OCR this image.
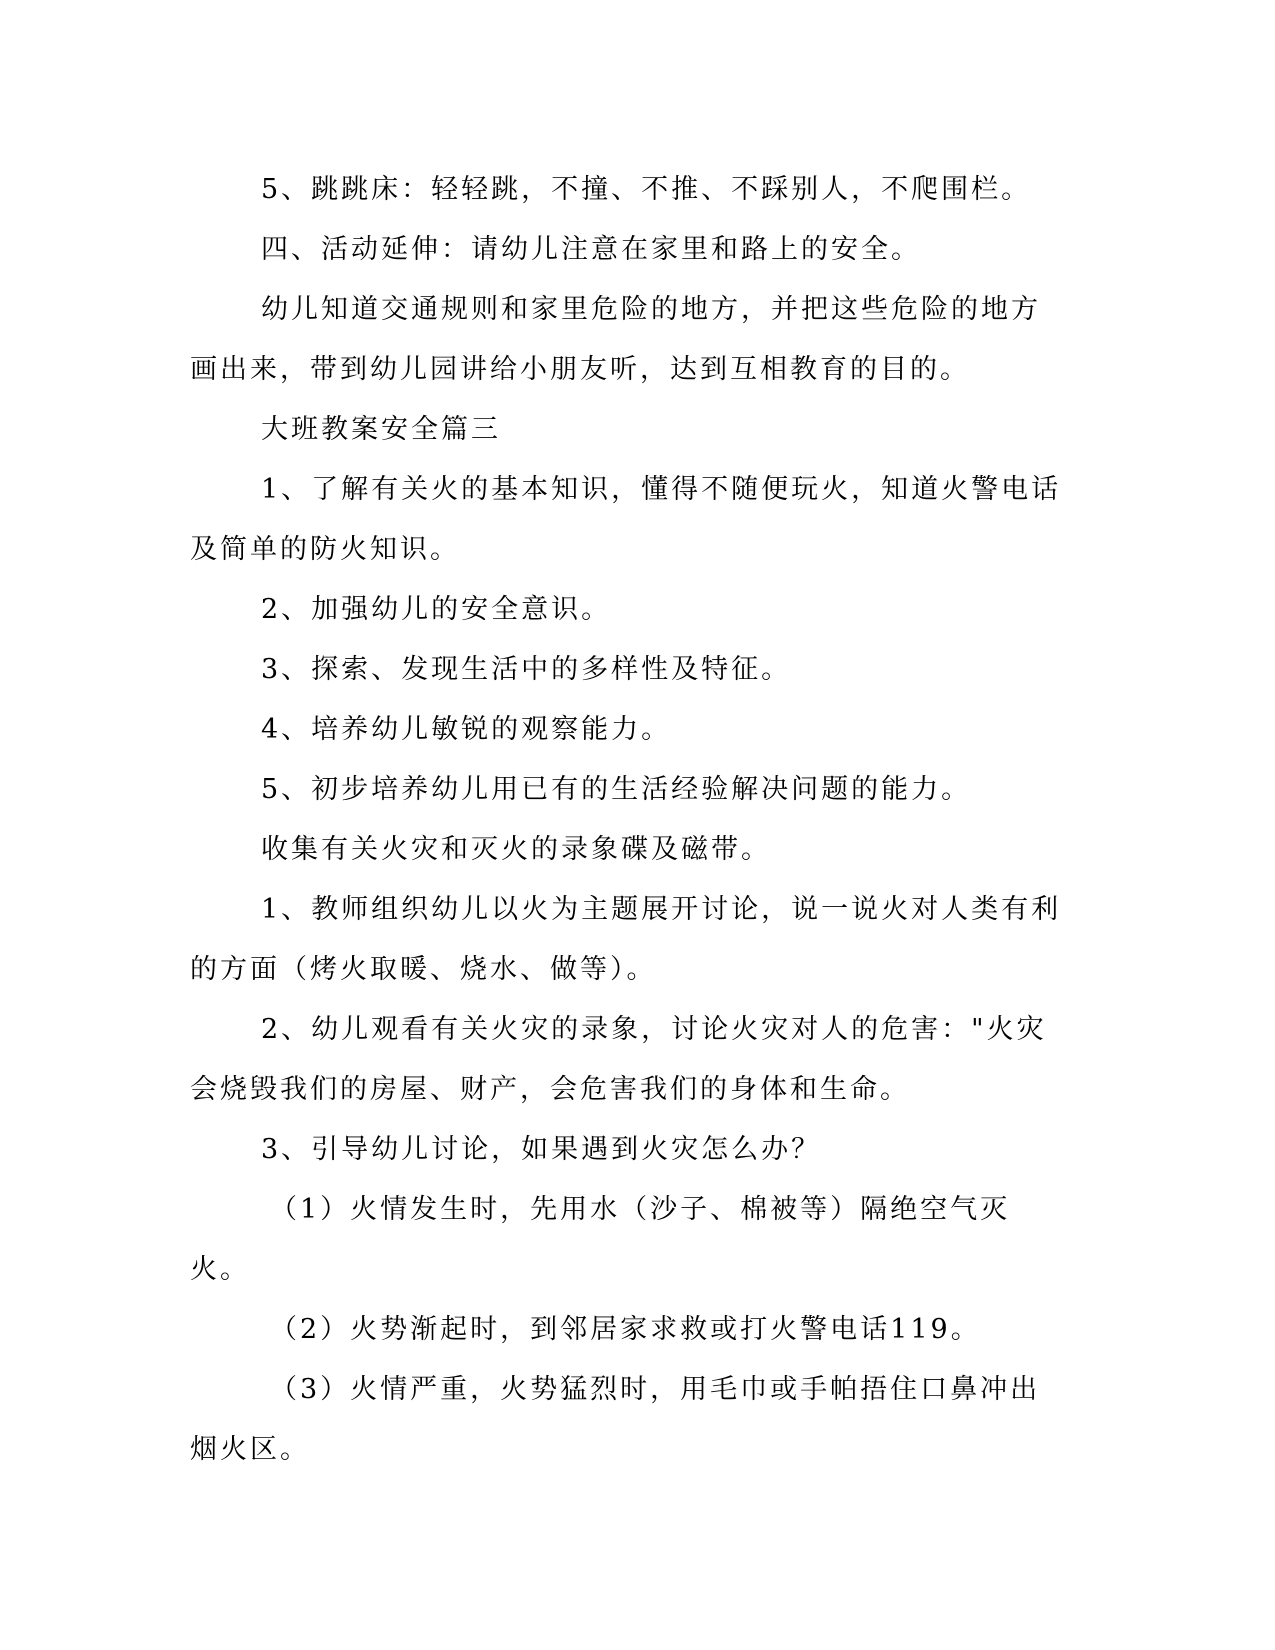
5、跳跳床：轻轻跳，不撞、不推、不踩别人，不爬围栏。

四、活动延伸：请幼儿注意在家里和路上的安全。

幼儿知道交通规则和家里危险的地方，并把这些危险的地方画出来，带到幼儿园讲给小朋友听，达到互相教育的目的。

大班教案安全篇三

1、了解有关火的基本知识，懂得不随便玩火，知道火警电话及简单的防火知识。

2、加强幼儿的安全意识。

3、探索、发现生活中的多样性及特征。

4、培养幼儿敏锐的观察能力。

5、初步培养幼儿用已有的生活经验解决问题的能力。

收集有关火灾和灭火的录象碟及磁带。

1、教师组织幼儿以火为主题展开讨论，说一说火对人类有利的方面（烤火取暖、烧水、做等）。

2、幼儿观看有关火灾的录象，讨论火灾对人的危害："火灾会烧毁我们的房屋、财产，会危害我们的身体和生命。

3、引导幼儿讨论，如果遇到火灾怎么办？

（1）火情发生时，先用水（沙子、棉被等）隔绝空气灭火。

（2）火势渐起时，到邻居家求救或打火警电话119。

（3）火情严重，火势猛烈时，用毛巾或手帕捂住口鼻冲出烟火区。
